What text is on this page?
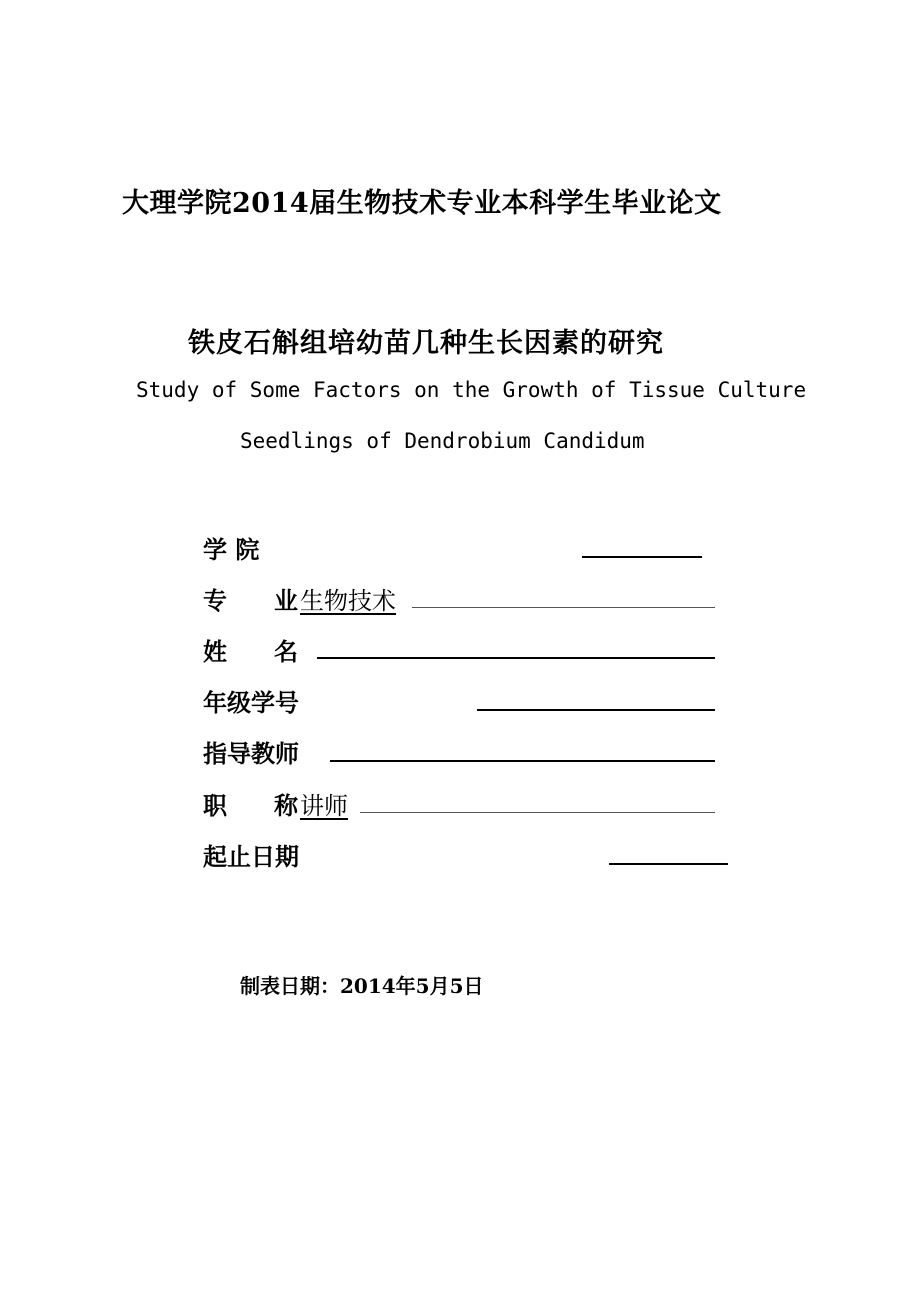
大理学院2014届生物技术专业本科学生毕业论文
铁皮石斛组培幼苗几种生长因素的研究
Study of Some Factors on the Growth of Tissue Culture
Seedlings of Dendrobium Candidum
学 院
专 业 生物技术
姓 名
年级学号
指导教师
职 称 讲师
起止日期
制表日期：2014年5月5日
